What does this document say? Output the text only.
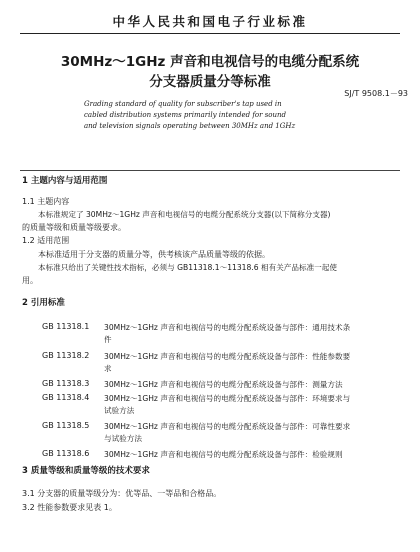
中华人民共和国电子行业标准
30MHz～1GHz 声音和电视信号的电缆分配系统
分支器质量分等标准
SJ/T 9508.1－93
Grading standard of quality for subscriber's tap used in
cabled distribution systems primarily intended for sound
and television signals operating between 30MHz and 1GHz
1 主题内容与适用范围
1.1 主题内容
本标准规定了 30MHz～1GHz 声音和电视信号的电缆分配系统分支器(以下简称分支器)
的质量等级和质量等级要求。
1.2 适用范围
本标准适用于分支器的质量分等，供考核该产品质量等级的依据。
本标准只给出了关键性技术指标，必须与 GB11318.1～11318.6 相有关产品标准一起使
用。
2 引用标准
GB 11318.1 30MHz～1GHz 声音和电视信号的电缆分配系统设备与部件：通用技术条
件
GB 11318.2 30MHz～1GHz 声音和电视信号的电缆分配系统设备与部件：性能参数要
求
GB 11318.3 30MHz～1GHz 声音和电视信号的电缆分配系统设备与部件：测量方法
GB 11318.4 30MHz～1GHz 声音和电视信号的电缆分配系统设备与部件：环境要求与
试验方法
GB 11318.5 30MHz～1GHz 声音和电视信号的电缆分配系统设备与部件：可靠性要求
与试验方法
GB 11318.6 30MHz～1GHz 声音和电视信号的电缆分配系统设备与部件：检验规则
3 质量等级和质量等级的技术要求
3.1 分支器的质量等级分为：优等品、一等品和合格品。
3.2 性能参数要求见表 1。
